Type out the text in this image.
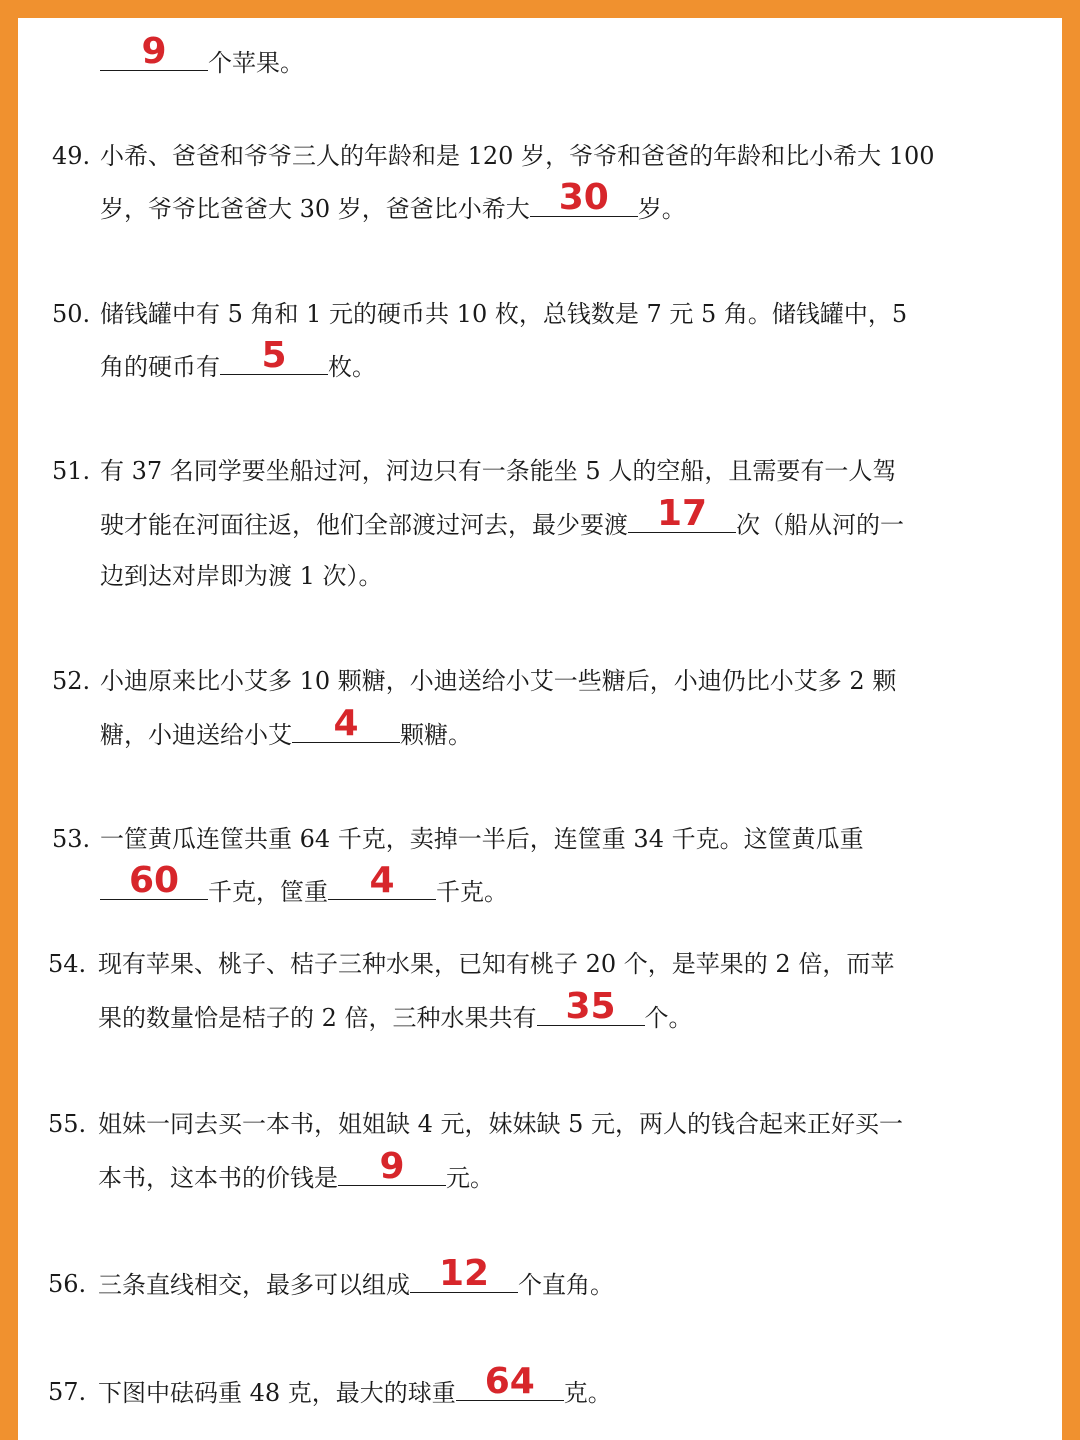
9	个苹果。
49. 小希、爸爸和爷爷三人的年龄和是 120 岁，爷爷和爸爸的年龄和比小希大 100
岁，爷爷比爸爸大 30 岁，爸爸比小希大 30	岁。
50. 储钱罐中有 5 角和 1 元的硬币共 10 枚，总钱数是 7 元 5 角。储钱罐中，5
角的硬币有	5	枚。
51. 有 37 名同学要坐船过河，河边只有一条能坐 5 人的空船，且需要有一人驾
驶才能在河面往返，他们全部渡过河去，最少要渡 17	次（船从河的一
边到达对岸即为渡 1 次）。
52. 小迪原来比小艾多 10 颗糖，小迪送给小艾一些糖后，小迪仍比小艾多 2 颗
糖，小迪送给小艾	4	颗糖。
53. 一筐黄瓜连筐共重 64 千克，卖掉一半后，连筐重 34 千克。这筐黄瓜重
60	千克，筐重	4	千克。
54. 现有苹果、桃子、桔子三种水果，已知有桃子 20 个，是苹果的 2 倍，而苹
果的数量恰是桔子的 2 倍，三种水果共有 35	个。
55. 姐妹一同去买一本书，姐姐缺 4 元，妹妹缺 5 元，两人的钱合起来正好买一
本书，这本书的价钱是	9	元。
56. 三条直线相交，最多可以组成 12	个直角。
57. 下图中砝码重 48 克，最大的球重 64	克。
